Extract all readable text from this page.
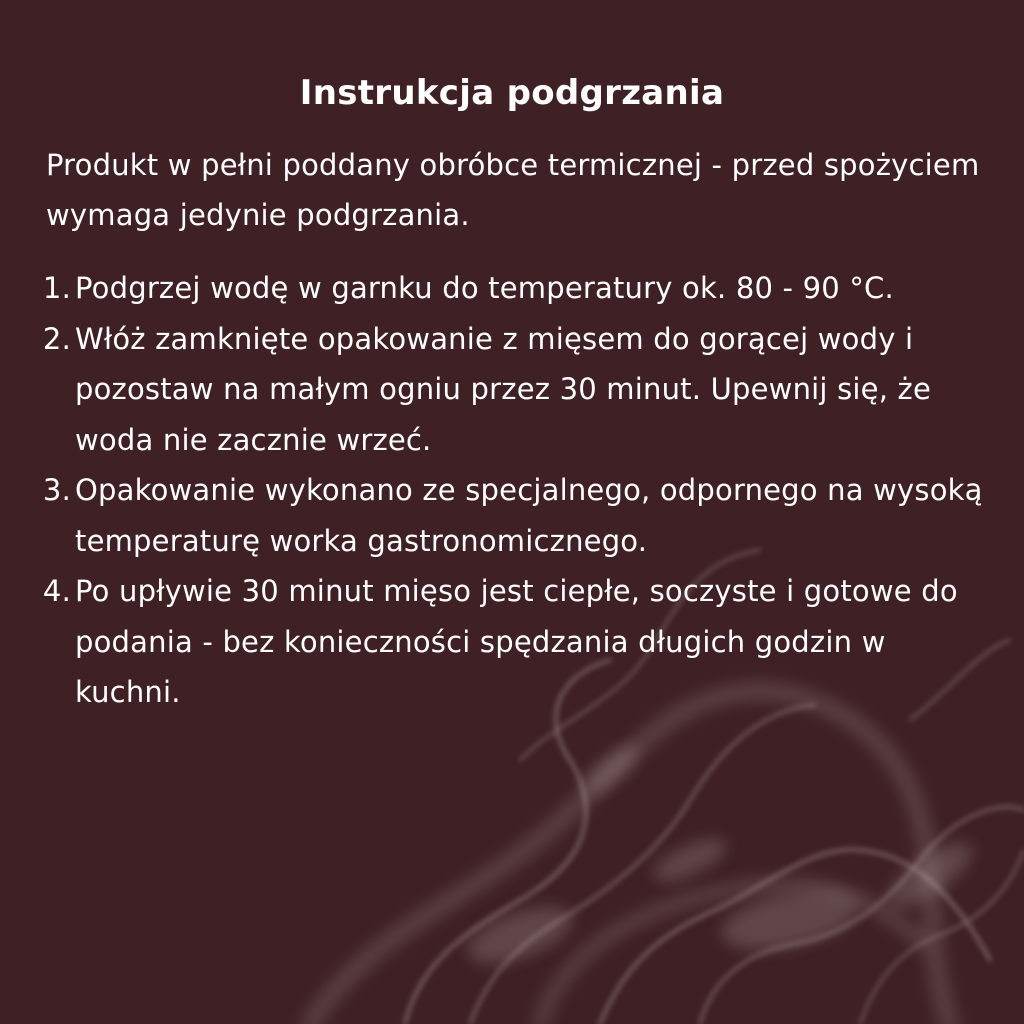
Instrukcja podgrzania
Produkt w pełni poddany obróbce termicznej - przed spożyciem wymaga jedynie podgrzania.
1. Podgrzej wodę w garnku do temperatury ok. 80 - 90 °C.
2. Włóż zamknięte opakowanie z mięsem do gorącej wody i pozostaw na małym ogniu przez 30 minut. Upewnij się, że woda nie zacznie wrzeć.
3. Opakowanie wykonano ze specjalnego, odpornego na wysoką temperaturę worka gastronomicznego.
4. Po upływie 30 minut mięso jest ciepłe, soczyste i gotowe do podania - bez konieczności spędzania długich godzin w kuchni.
